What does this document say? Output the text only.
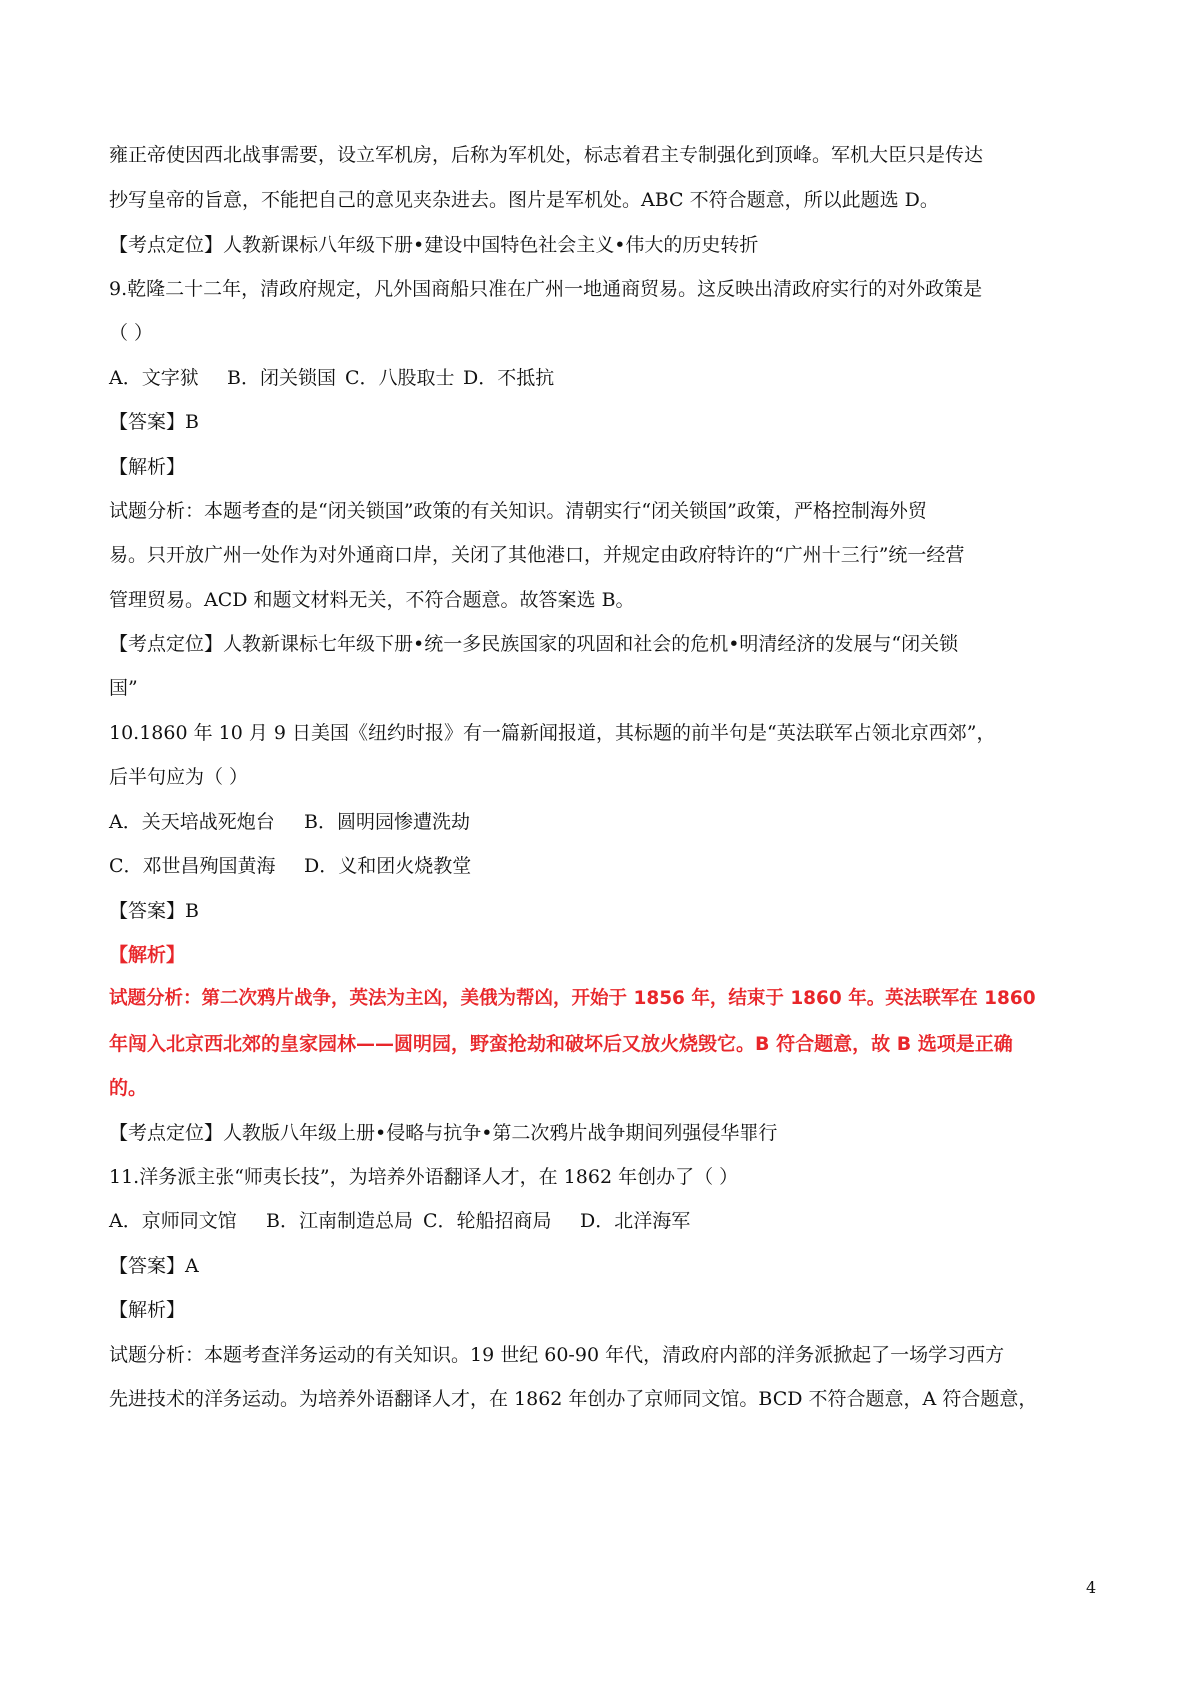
雍正帝使因西北战事需要，设立军机房，后称为军机处，标志着君主专制强化到顶峰。军机大臣只是传达
抄写皇帝的旨意，不能把自己的意见夹杂进去。图片是军机处。ABC 不符合题意，所以此题选 D。
【考点定位】人教新课标八年级下册•建设中国特色社会主义•伟大的历史转折
9.乾隆二十二年，清政府规定，凡外国商船只准在广州一地通商贸易。这反映出清政府实行的对外政策是
（ ）
A．文字狱 B．闭关锁国 C．八股取士 D．不抵抗
【答案】B
【解析】
试题分析：本题考查的是“闭关锁国”政策的有关知识。清朝实行“闭关锁国”政策，严格控制海外贸
易。只开放广州一处作为对外通商口岸，关闭了其他港口，并规定由政府特许的“广州十三行”统一经营
管理贸易。ACD 和题文材料无关，不符合题意。故答案选 B。
【考点定位】人教新课标七年级下册•统一多民族国家的巩固和社会的危机•明清经济的发展与“闭关锁
国”
10.1860 年 10 月 9 日美国《纽约时报》有一篇新闻报道，其标题的前半句是“英法联军占领北京西郊”，
后半句应为（ ）
A．关天培战死炮台 B．圆明园惨遭洗劫
C．邓世昌殉国黄海 D．义和团火烧教堂
【答案】B
【解析】
试题分析：第二次鸦片战争，英法为主凶，美俄为帮凶，开始于 1856 年，结束于 1860 年。英法联军在 1860
年闯入北京西北郊的皇家园林——圆明园，野蛮抢劫和破坏后又放火烧毁它。B 符合题意，故 B 选项是正确
的。
【考点定位】人教版八年级上册•侵略与抗争•第二次鸦片战争期间列强侵华罪行
11.洋务派主张“师夷长技”，为培养外语翻译人才，在 1862 年创办了（ ）
A．京师同文馆 B．江南制造总局 C．轮船招商局 D．北洋海军
【答案】A
【解析】
试题分析：本题考查洋务运动的有关知识。19 世纪 60-90 年代，清政府内部的洋务派掀起了一场学习西方
先进技术的洋务运动。为培养外语翻译人才，在 1862 年创办了京师同文馆。BCD 不符合题意，A 符合题意，
4
